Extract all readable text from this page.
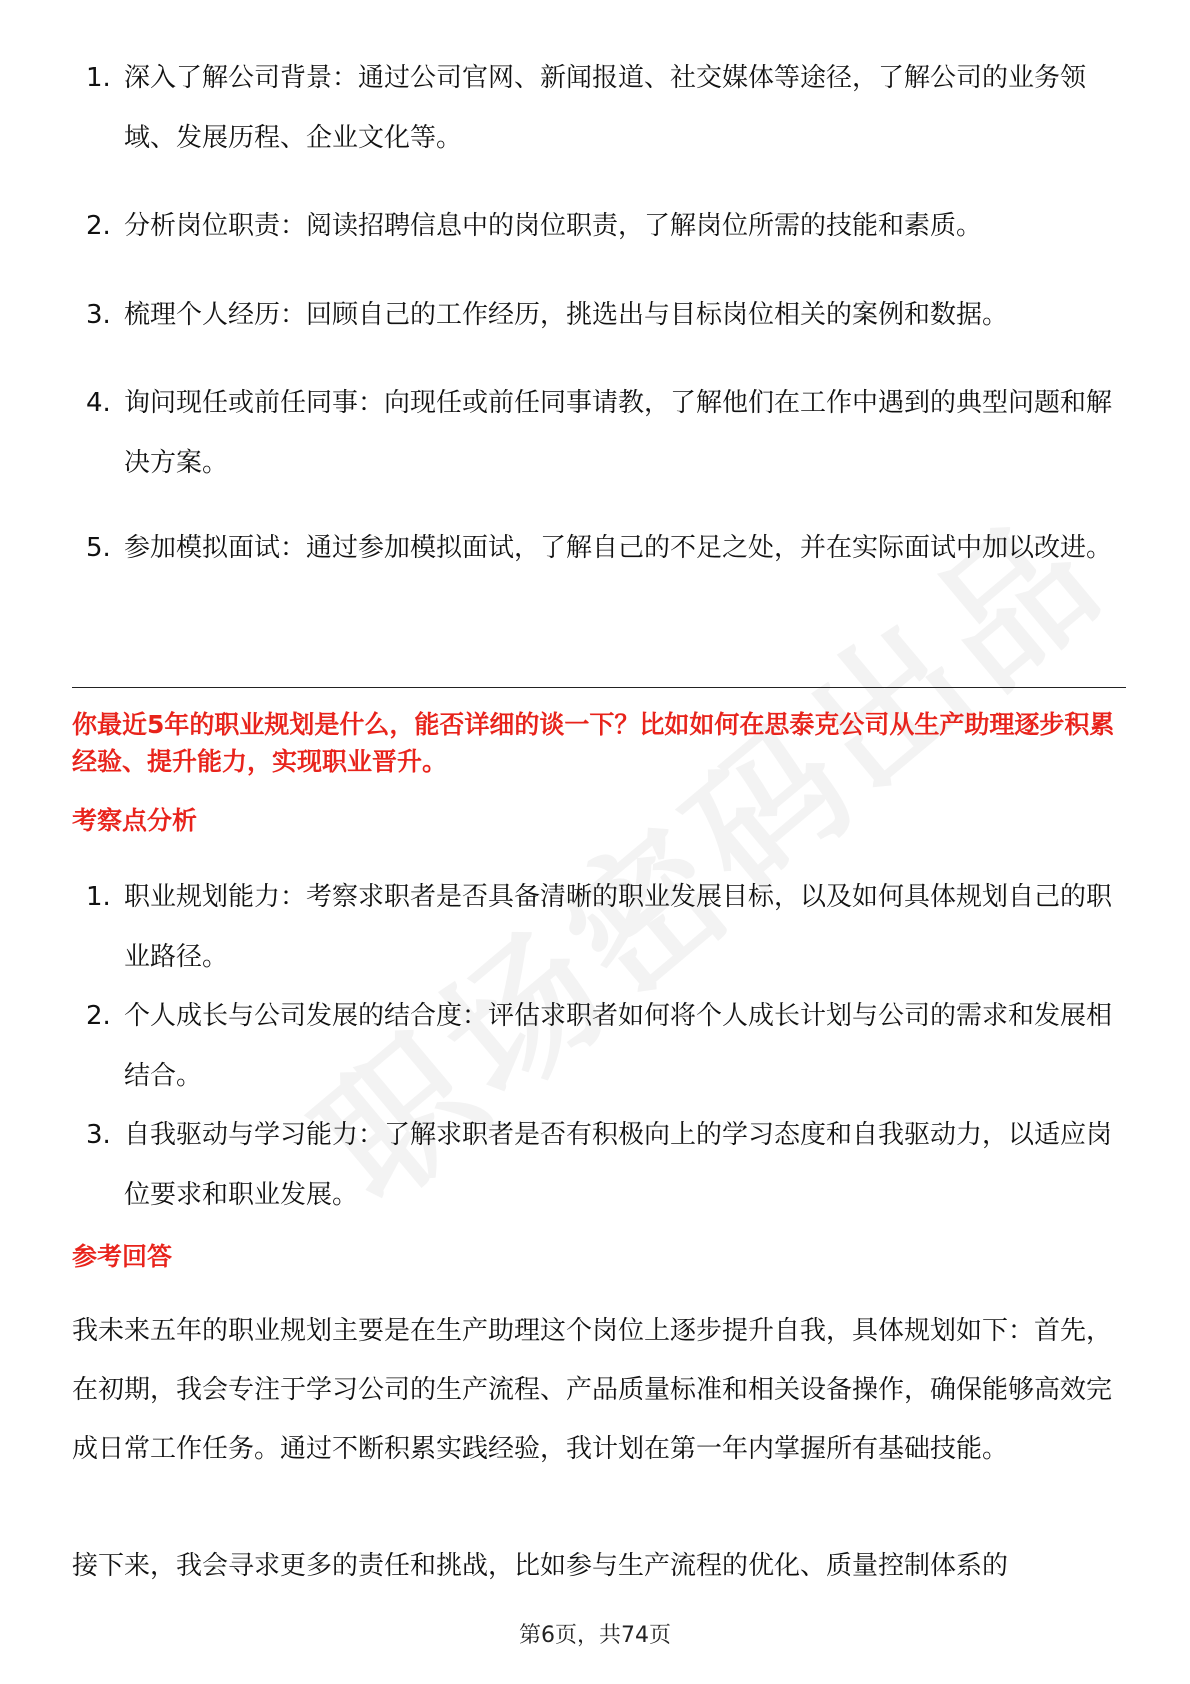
1. 深入了解公司背景：通过公司官网、新闻报道、社交媒体等途径，了解公司的业务领域、发展历程、企业文化等。
2. 分析岗位职责：阅读招聘信息中的岗位职责，了解岗位所需的技能和素质。
3. 梳理个人经历：回顾自己的工作经历，挑选出与目标岗位相关的案例和数据。
4. 询问现任或前任同事：向现任或前任同事请教，了解他们在工作中遇到的典型问题和解决方案。
5. 参加模拟面试：通过参加模拟面试，了解自己的不足之处，并在实际面试中加以改进。
你最近5年的职业规划是什么，能否详细的谈一下？比如如何在思泰克公司从生产助理逐步积累经验、提升能力，实现职业晋升。
考察点分析
1. 职业规划能力：考察求职者是否具备清晰的职业发展目标，以及如何具体规划自己的职业路径。
2. 个人成长与公司发展的结合度：评估求职者如何将个人成长计划与公司的需求和发展相结合。
3. 自我驱动与学习能力：了解求职者是否有积极向上的学习态度和自我驱动力，以适应岗位要求和职业发展。
参考回答
我未来五年的职业规划主要是在生产助理这个岗位上逐步提升自我，具体规划如下：首先，在初期，我会专注于学习公司的生产流程、产品质量标准和相关设备操作，确保能够高效完成日常工作任务。通过不断积累实践经验，我计划在第一年内掌握所有基础技能。
接下来，我会寻求更多的责任和挑战，比如参与生产流程的优化、质量控制体系的
第6页，共74页
